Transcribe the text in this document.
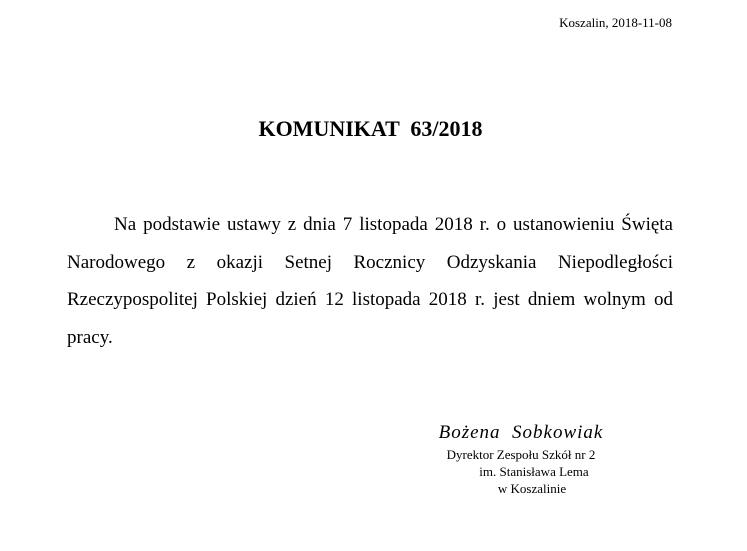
Koszalin, 2018-11-08
KOMUNIKAT  63/2018

Na podstawie ustawy z dnia 7 listopada 2018 r. o ustanowieniu Święta Narodowego z okazji Setnej Rocznicy Odzyskania Niepodległości Rzeczypospolitej Polskiej dzień 12 listopada 2018 r. jest dniem wolnym od pracy.

Bożena  Sobkowiak
Dyrektor Zespołu Szkół nr 2
im. Stanisława Lema
w Koszalinie
